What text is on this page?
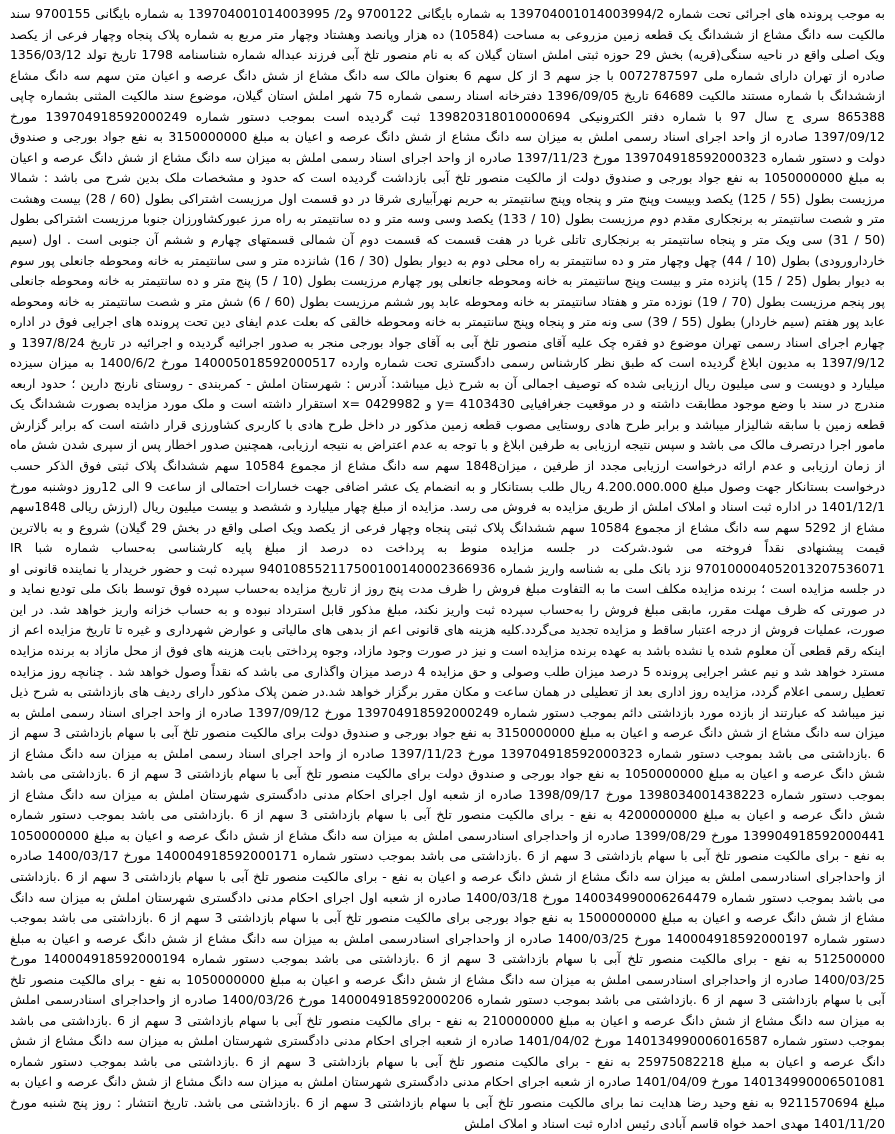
به موجب پرونده های اجرائی تحت شماره 139704001014003994/2 به شماره بایگانی 9700122 و2/ 139704001014003995 به شماره بایگانی 9700155 سند مالکیت سه دانگ مشاع از ششدانگ یک قطعه زمین مزروعی به مساحت (10584) ده هزار وپانصد وهشتاد وچهار متر مربع به شماره پلاک پنجاه وچهار فرعی از یکصد ویک اصلی واقع در ناحیه سنگی(قریه) بخش 29 حوزه ثبتی املش استان گیلان که به نام منصور تلخ آبی فرزند عبداله شماره شناسنامه 1798 تاریخ تولد 1356/03/12 صادره از تهران دارای شماره ملی 0072787597 با جز سهم 3 از کل سهم 6 بعنوان مالک سه دانگ مشاع از شش دانگ عرصه و اعیان متن سهم سه دانگ مشاع ازششدانگ با شماره مستند مالکیت 64689 تاریخ 1396/09/05 دفترخانه اسناد رسمی شماره 75 شهر املش استان گیلان، موضوع سند مالکیت المثنی بشماره چاپی 865388 سری ج سال 97 با شماره دفتر الکترونیکی 139820318010000694 ثبت گردیده است بموجب دستور شماره 139704918592000249 مورخ 1397/09/12 صادره از واحد اجرای اسناد رسمی املش به میزان سه دانگ مشاع از شش دانگ عرصه و اعیان به مبلغ 3150000000 به نفع جواد بورجی و صندوق دولت و دستور شماره 139704918592000323 مورخ 1397/11/23 صادره از واحد اجرای اسناد رسمی املش به میزان سه دانگ مشاع از شش دانگ عرصه و اعیان به مبلغ 1050000000 به نفع جواد بورجی و صندوق دولت از مالکیت منصور تلخ آبی بازداشت گردیده است که حدود و مشخصات ملک بدین شرح می باشد : شمالا مرزیست بطول (55 / 125) یکصد وبیست وپنج متر و پنجاه وپنج سانتیمتر به حریم نهرآبیاری شرقا در دو قسمت اول مرزیست اشتراکی بطول (60 / 28) بیست وهشت متر و شصت سانتیمتر به برنجکاری مقدم دوم مرزیست بطول (10 / 133) یکصد وسی وسه متر و ده سانتیمتر به راه مرز عبورکشاورزان جنوبا مرزیست اشتراکی بطول (50 / 31) سی ویک متر و پنجاه سانتیمتر به برنجکاری تاتلی غربا در هفت قسمت که قسمت دوم آن شمالی قسمتهای چهارم و ششم آن جنوبی است . اول (سیم خاردارورودی) بطول (10 / 44) چهل وچهار متر و ده سانتیمتر به راه محلی دوم به دیوار بطول (30 / 16) شانزده متر و سی سانتیمتر به خانه ومحوطه جانعلی پور سوم به دیوار بطول (25 / 15) پانزده متر و بیست وپنج سانتیمتر به خانه ومحوطه جانعلی پور چهارم مرزیست بطول (10 / 5) پنج متر و ده سانتیمتر به خانه ومحوطه جانعلی پور پنجم مرزیست بطول (70 / 19) نوزده متر و هفتاد سانتیمتر به خانه ومحوطه عابد پور ششم مرزیست بطول (60 / 6) شش متر و شصت سانتیمتر به خانه ومحوطه عابد پور هفتم (سیم خاردار) بطول (55 / 39) سی ونه متر و پنجاه وپنج سانتیمتر به خانه ومحوطه خالقی که بعلت عدم ایفای دین تحت پرونده های اجرایی فوق در اداره چهارم اجرای اسناد رسمی تهران موضوع دو فقره چک علیه آقای منصور تلخ آبی به آقای جواد بورجی منجر به صدور اجرائیه گردیده و اجرائیه در تاریخ 1397/8/24 و 1397/9/12 به مدیون ابلاغ گردیده است که طبق نظر کارشناس رسمی دادگستری تحت شماره وارده 140005018592000517 مورخ 1400/6/2 به میزان سیزده میلیارد و دویست و سی میلیون ریال ارزیابی شده که توصیف اجمالی آن به شرح ذیل میباشد: آدرس : شهرستان املش - کمربندی - روستای نارنج دارین ؛ حدود اربعه مندرج در سند با وضع موجود مطابقت داشته و در موقعیت جغرافیایی 4103430 =y و 0429982 =x استقرار داشته است و ملک مورد مزایده بصورت ششدانگ یک قطعه زمین با سابقه شالیزار میباشد و برابر طرح هادی روستایی مصوب قطعه زمین مذکور در داخل طرح هادی با کاربری کشاورزی قرار داشته است که برابر گزارش مامور اجرا درتصرف مالک می باشد و سپس نتیجه ارزیابی به طرفین ابلاغ و با توجه به عدم اعتراض به نتیجه ارزیابی، همچنین صدور اخطار پس از سپری شدن شش ماه از زمان ارزیابی و عدم ارائه درخواست ارزیابی مجدد از طرفین ، میزان1848 سهم سه دانگ مشاع از مجموع 10584 سهم ششدانگ پلاک ثبتی فوق الذکر حسب درخواست بستانکار جهت وصول مبلغ 4.200.000.000 ریال طلب بستانکار و به انضمام یک عشر اضافی جهت خسارات احتمالی از ساعت 9 الی 12روز دوشنبه مورخ 1401/12/1 در اداره ثبت اسناد و املاک املش از طریق مزایده به فروش می رسد. مزایده از مبلغ چهار میلیارد و ششصد و بیست میلیون ریال (ارزش ریالی 1848سهم مشاع از 5292 سهم سه دانگ مشاع از مجموع 10584 سهم ششدانگ پلاک ثبتی پنجاه وچهار فرعی از یکصد ویک اصلی واقع در بخش 29 گیلان) شروع و به بالاترین قیمت پیشنهادی نقداً فروخته می شود.شرکت در جلسه مزایده منوط به پرداخت ده درصد از مبلغ پایه کارشناسی به‌حساب شماره شبا IR 970100004052013207536071 نزد بانک ملی به شناسه واریز شماره 940108552117500100140002366936 سپرده ثبت و حضور خریدار یا نماینده قانونی او در جلسه مزایده است ؛ برنده مزایده مکلف است ما به التفاوت مبلغ فروش را ظرف مدت پنج روز از تاریخ مزایده به‌حساب سپرده فوق توسط بانک ملی تودیع نماید و در صورتی که ظرف مهلت مقرر، مابقی مبلغ فروش را به‌حساب سپرده ثبت واریز نکند، مبلغ مذکور قابل استرداد نبوده و به حساب خزانه واریز خواهد شد. در این صورت، عملیات فروش از درجه اعتبار ساقط و مزایده تجدید می‌گردد.کلیه هزینه های قانونی اعم از بدهی های مالیاتی و عوارض شهرداری و غیره تا تاریخ مزایده اعم از اینکه رقم قطعی آن معلوم شده یا نشده باشد به عهده برنده مزایده است و نیز در صورت وجود مازاد، وجوه پرداختی بابت هزینه های فوق از محل مازاد به برنده مزایده مسترد خواهد شد و نیم عشر اجرایی پرونده 5 درصد میزان طلب وصولی و حق مزایده 4 درصد میزان واگذاری می باشد که نقداً وصول خواهد شد . چنانچه روز مزایده تعطیل رسمی اعلام گردد، مزایده روز اداری بعد از تعطیلی در همان ساعت و مکان مقرر برگزار خواهد شد.در ضمن پلاک مذکور دارای ردیف های بازداشتی به شرح ذیل نیز میباشد که عبارتند از بازده مورد بازداشتی دائم بموجب دستور شماره 139704918592000249 مورخ 1397/09/12 صادره از واحد اجرای اسناد رسمی املش به میزان سه دانگ مشاع از شش دانگ عرصه و اعیان به مبلغ 3150000000 به نفع جواد بورجی و صندوق دولت برای مالکیت منصور تلخ آبی با سهام بازداشتی 3 سهم از 6 .بازداشتی می باشد بموجب دستور شماره 139704918592000323 مورخ 1397/11/23 صادره از واحد اجرای اسناد رسمی املش به میزان سه دانگ مشاع از شش دانگ عرصه و اعیان به مبلغ 1050000000 به نفع جواد بورجی و صندوق دولت برای مالکیت منصور تلخ آبی با سهام بازداشتی 3 سهم از 6 .بازداشتی می باشد بموجب دستور شماره 1398034001438223 مورخ 1398/09/17 صادره از شعبه اول اجرای احکام مدنی دادگستری شهرستان املش به میزان سه دانگ مشاع از شش دانگ عرصه و اعیان به مبلغ 4200000000 به نفع - برای مالکیت منصور تلخ آبی با سهام بازداشتی 3 سهم از 6 .بازداشتی می باشد بموجب دستور شماره 139904918592000441 مورخ 1399/08/29 صادره از واحداجرای اسنادرسمی املش به میزان سه دانگ مشاع از شش دانگ عرصه و اعیان به مبلغ 1050000000 به نفع - برای مالکیت منصور تلخ آبی با سهام بازداشتی 3 سهم از 6 .بازداشتی می باشد بموجب دستور شماره 140004918592000171 مورخ 1400/03/17 صادره از واحداجرای اسنادرسمی املش به میزان سه دانگ مشاع از شش دانگ عرصه و اعیان به نفع - برای مالکیت منصور تلخ آبی با سهام بازداشتی 3 سهم از 6 .بازداشتی می باشد بموجب دستور شماره 140034990006264479 مورخ 1400/03/18 صادره از شعبه اول اجرای احکام مدنی دادگستری شهرستان املش به میزان سه دانگ مشاع از شش دانگ عرصه و اعیان به مبلغ 1500000000 به نفع جواد بورجی برای مالکیت منصور تلخ آبی با سهام بازداشتی 3 سهم از 6 .بازداشتی می باشد بموجب دستور شماره 140004918592000197 مورخ 1400/03/25 صادره از واحداجرای اسنادرسمی املش به میزان سه دانگ مشاع از شش دانگ عرصه و اعیان به مبلغ 512500000 به نفع - برای مالکیت منصور تلخ آبی با سهام بازداشتی 3 سهم از 6 .بازداشتی می باشد بموجب دستور شماره 140004918592000194 مورخ 1400/03/25 صادره از واحداجرای اسنادرسمی املش به میزان سه دانگ مشاع از شش دانگ عرصه و اعیان به مبلغ 1050000000 به نفع - برای مالکیت منصور تلخ آبی با سهام بازداشتی 3 سهم از 6 .بازداشتی می باشد بموجب دستور شماره 140004918592000206 مورخ 1400/03/26 صادره از واحداجرای اسنادرسمی املش به میزان سه دانگ مشاع از شش دانگ عرصه و اعیان به مبلغ 210000000 به نفع - برای مالکیت منصور تلخ آبی با سهام بازداشتی 3 سهم از 6 .بازداشتی می باشد بموجب دستور شماره 140134990006016587 مورخ 1401/04/02 صادره از شعبه اجرای احکام مدنی دادگستری شهرستان املش به میزان سه دانگ مشاع از شش دانگ عرصه و اعیان به مبلغ 25975082218 به نفع - برای مالکیت منصور تلخ آبی با سهام بازداشتی 3 سهم از 6 .بازداشتی می باشد بموجب دستور شماره 140134990006501081 مورخ 1401/04/09 صادره از شعبه اجرای احکام مدنی دادگستری شهرستان املش به میزان سه دانگ مشاع از شش دانگ عرصه و اعیان به مبلغ 9211570694 به نفع وحید رضا هدایت نما برای مالکیت منصور تلخ آبی با سهام بازداشتی 3 سهم از 6 .بازداشتی می باشد. تاریخ انتشار : روز پنج شنبه مورخ 1401/11/20 مهدی احمد خواه قاسم آبادی رئیس اداره ثبت اسناد و املاک املش
